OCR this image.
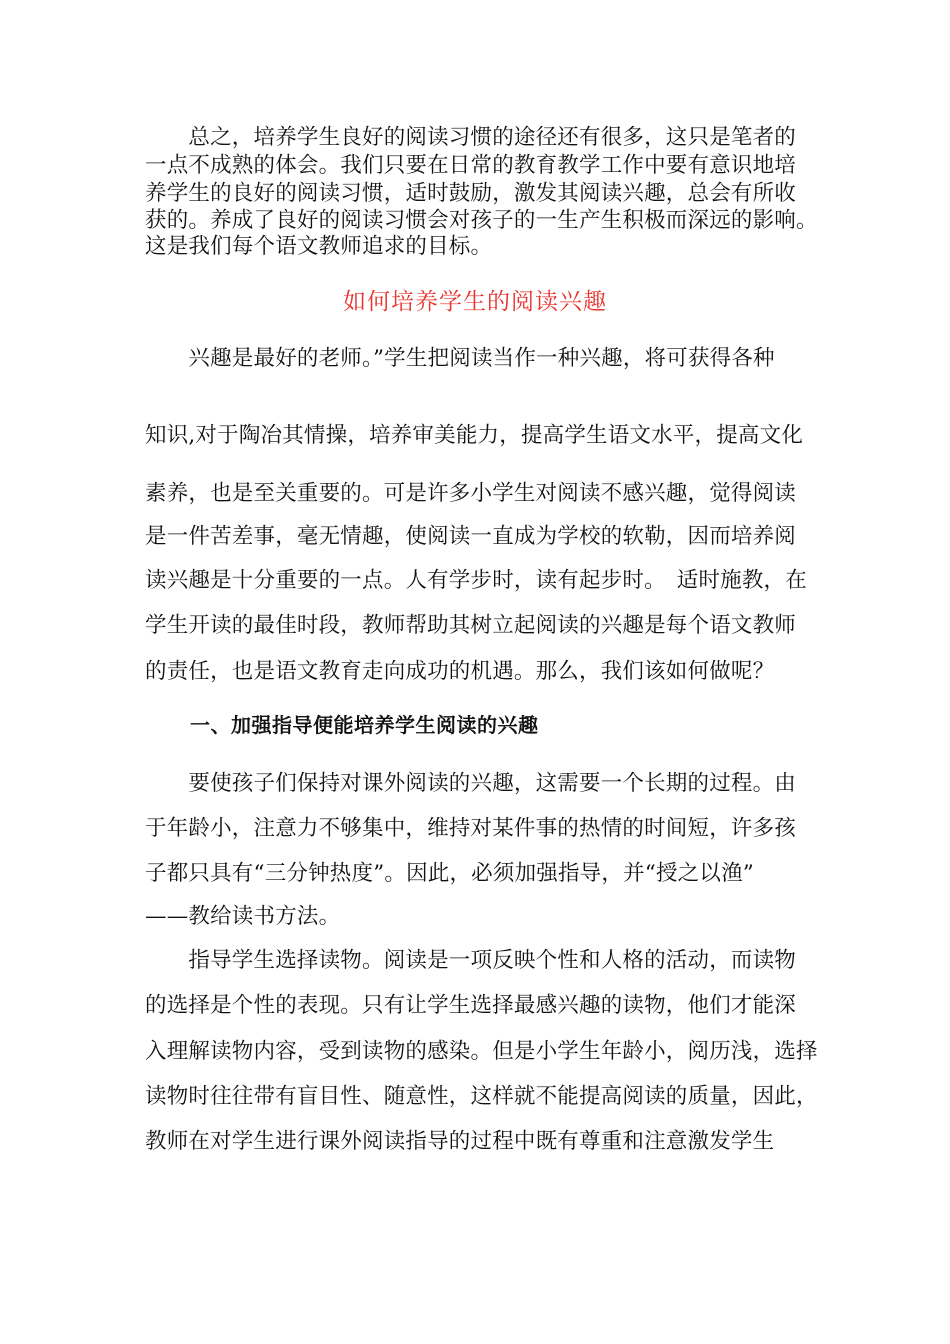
　　总之，培养学生良好的阅读习惯的途径还有很多，这只是笔者的
一点不成熟的体会。我们只要在日常的教育教学工作中要有意识地培
养学生的良好的阅读习惯，适时鼓励，激发其阅读兴趣，总会有所收
获的。养成了良好的阅读习惯会对孩子的一生产生积极而深远的影响。
这是我们每个语文教师追求的目标。
如何培养学生的阅读兴趣
　　兴趣是最好的老师。”学生把阅读当作一种兴趣，将可获得各种
知识,对于陶冶其情操，培养审美能力，提高学生语文水平，提高文化
素养，也是至关重要的。可是许多小学生对阅读不感兴趣，觉得阅读
是一件苦差事，毫无情趣，使阅读一直成为学校的软勒，因而培养阅
读兴趣是十分重要的一点。人有学步时，读有起步时。　适时施教，在
学生开读的最佳时段，教师帮助其树立起阅读的兴趣是每个语文教师
的责任，也是语文教育走向成功的机遇。那么，我们该如何做呢？
一、加强指导便能培养学生阅读的兴趣
　　要使孩子们保持对课外阅读的兴趣，这需要一个长期的过程。由
于年龄小，注意力不够集中，维持对某件事的热情的时间短，许多孩
子都只具有“三分钟热度”。因此，必须加强指导，并“授之以渔”
——教给读书方法。
　　指导学生选择读物。阅读是一项反映个性和人格的活动，而读物
的选择是个性的表现。只有让学生选择最感兴趣的读物，他们才能深
入理解读物内容，受到读物的感染。但是小学生年龄小，阅历浅，选择
读物时往往带有盲目性、随意性，这样就不能提高阅读的质量，因此，
教师在对学生进行课外阅读指导的过程中既有尊重和注意激发学生
